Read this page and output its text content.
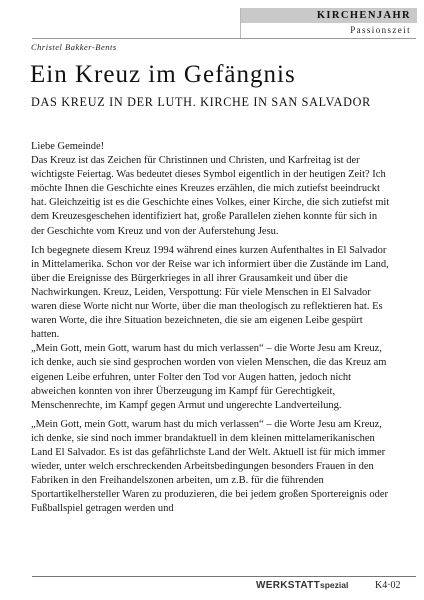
KIRCHENJAHR
Passionszeit
Christel Bakker-Bents
Ein Kreuz im Gefängnis
DAS KREUZ IN DER LUTH. KIRCHE IN SAN SALVADOR

Liebe Gemeinde!
Das Kreuz ist das Zeichen für Christinnen und Christen, und Karfreitag ist der wichtigste Feiertag. Was bedeutet dieses Symbol eigentlich in der heutigen Zeit? Ich möchte Ihnen die Geschichte eines Kreuzes erzählen, die mich zutiefst beeindruckt hat. Gleichzeitig ist es die Geschichte eines Volkes, einer Kirche, die sich zutiefst mit dem Kreuzesgeschehen identifiziert hat, große Parallelen ziehen konnte für sich in der Geschichte vom Kreuz und von der Auferstehung Jesu.

Ich begegnete diesem Kreuz 1994 während eines kurzen Aufenthaltes in El Salvador in Mittelamerika. Schon vor der Reise war ich informiert über die Zustände im Land, über die Ereignisse des Bürgerkrieges in all ihrer Grausamkeit und über die Nachwirkungen. Kreuz, Leiden, Verspottung: Für viele Menschen in El Salvador waren diese Worte nicht nur Worte, über die man theologisch zu reflektieren hat. Es waren Worte, die ihre Situation bezeichneten, die sie am eigenen Leibe gespürt hatten.
„Mein Gott, mein Gott, warum hast du mich verlassen“ – die Worte Jesu am Kreuz, ich denke, auch sie sind gesprochen worden von vielen Menschen, die das Kreuz am eigenen Leibe erfuhren, unter Folter den Tod vor Augen hatten, jedoch nicht abweichen konnten von ihrer Überzeugung im Kampf für Gerechtigkeit, Menschenrechte, im Kampf gegen Armut und ungerechte Landverteilung.

„Mein Gott, mein Gott, warum hast du mich verlassen“ – die Worte Jesu am Kreuz, ich denke, sie sind noch immer brandaktuell in dem kleinen mittelamerikanischen Land El Salvador. Es ist das gefährlichste Land der Welt. Aktuell ist für mich immer wieder, unter welch erschreckenden Arbeitsbedingungen besonders Frauen in den Fabriken in den Freihandelszonen arbeiten, um z.B. für die führenden Sportartikelhersteller Waren zu produzieren, die bei jedem großen Sportereignis oder Fußballspiel getragen werden und

WERKSTATTspezial	K4·02
